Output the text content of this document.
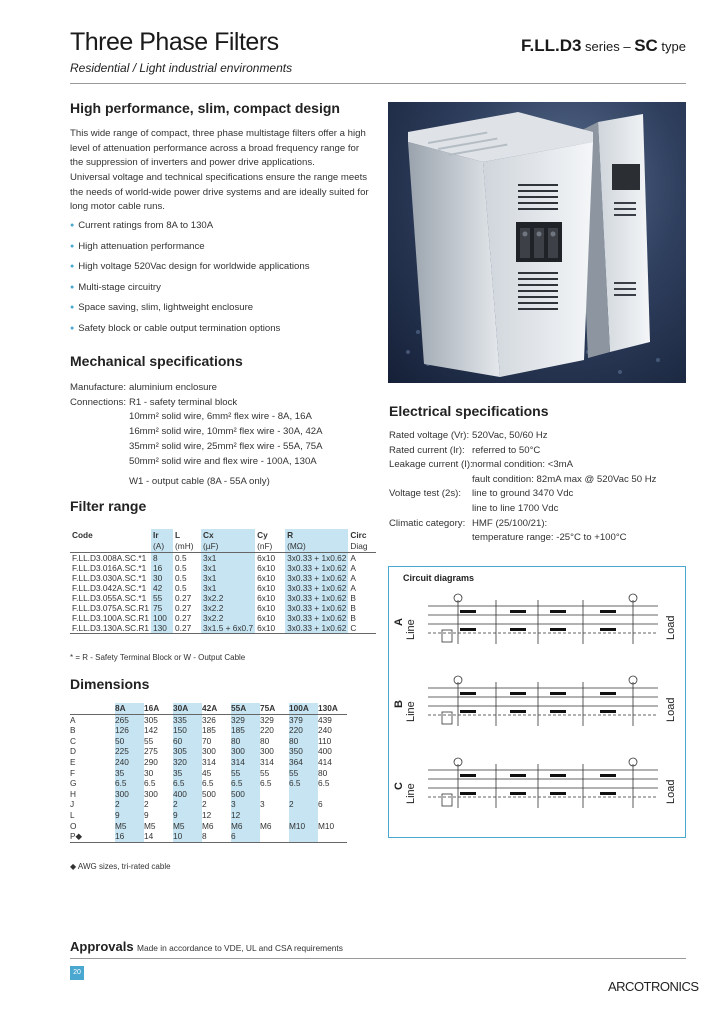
Three Phase Filters	F.LL.D3 series – SC type
Residential / Light industrial environments
High performance, slim, compact design

This wide range of compact, three phase multistage filters offer a high level of attenuation performance across a broad frequency range for the suppression of inverters and power drive applications.

Universal voltage and technical specifications ensure the range meets the needs of world-wide power drive systems and are ideally suited for long motor cable runs.

● Current ratings from 8A to 130A
● High attenuation performance
● High voltage 520Vac design for worldwide applications
● Multi-stage circuitry
● Space saving, slim, lightweight enclosure
● Safety block or cable output termination options
Mechanical specifications
Manufacture: aluminium enclosure
Connections: R1 - safety terminal block
10mm² solid wire, 6mm² flex wire - 8A, 16A
16mm² solid wire, 10mm² flex wire - 30A, 42A
35mm² solid wire, 25mm² flex wire - 55A, 75A
50mm² solid wire and flex wire - 100A, 130A
W1 - output cable (8A - 55A only)
Filter range
Code	Ir	L	Cx	Cy	R	Circ
	(A)	(mH)	(µF)	(nF)	(MΩ)	Diag
F.LL.D3.008A.SC.*1	8	0.5	3x1	6x10	3x0.33 + 1x0.62	A
F.LL.D3.016A.SC.*1	16	0.5	3x1	6x10	3x0.33 + 1x0.62	A
F.LL.D3.030A.SC.*1	30	0.5	3x1	6x10	3x0.33 + 1x0.62	A
F.LL.D3.042A.SC.*1	42	0.5	3x1	6x10	3x0.33 + 1x0.62	A
F.LL.D3.055A.SC.*1	55	0.27	3x2.2	6x10	3x0.33 + 1x0.62	B
F.LL.D3.075A.SC.R1	75	0.27	3x2.2	6x10	3x0.33 + 1x0.62	B
F.LL.D3.100A.SC.R1	100	0.27	3x2.2	6x10	3x0.33 + 1x0.62	B
F.LL.D3.130A.SC.R1	130	0.27	3x1.5 + 6x0.7	6x10	3x0.33 + 1x0.62	C
* = R - Safety Terminal Block or W - Output Cable
Dimensions
	8A	16A	30A	42A	55A	75A	100A	130A
A	265	305	335	326	329	329	379	439
B	126	142	150	185	185	220	220	240
C	50	55	60	70	80	80	80	110
D	225	275	305	300	300	300	350	400
E	240	290	320	314	314	314	364	414
F	35	30	35	45	55	55	55	80
G	6.5	6.5	6.5	6.5	6.5	6.5	6.5	6.5
H	300	300	400	500	500			
J	2	2	2	2	3	3	2	6
L	9	9	9	12	12			
O	M5	M5	M5	M6	M6	M6	M10	M10
P◆	16	14	10	8	6			
◆ AWG sizes, tri-rated cable
Electrical specifications
Rated voltage (Vr): 520Vac, 50/60 Hz
Rated current (Ir): referred to 50°C
Leakage current (I): normal condition: <3mA
fault condition: 82mA max @ 520Vac 50 Hz
Voltage test (2s):	line to ground 3470 Vdc
line to line 1700 Vdc
Climatic category: HMF (25/100/21):
temperature range: -25°C to +100°C
Circuit diagrams
A Line	Load
B Line	Load
C Line	Load
Approvals Made in accordance to VDE, UL and CSA requirements
20
ARCOTRONICS
